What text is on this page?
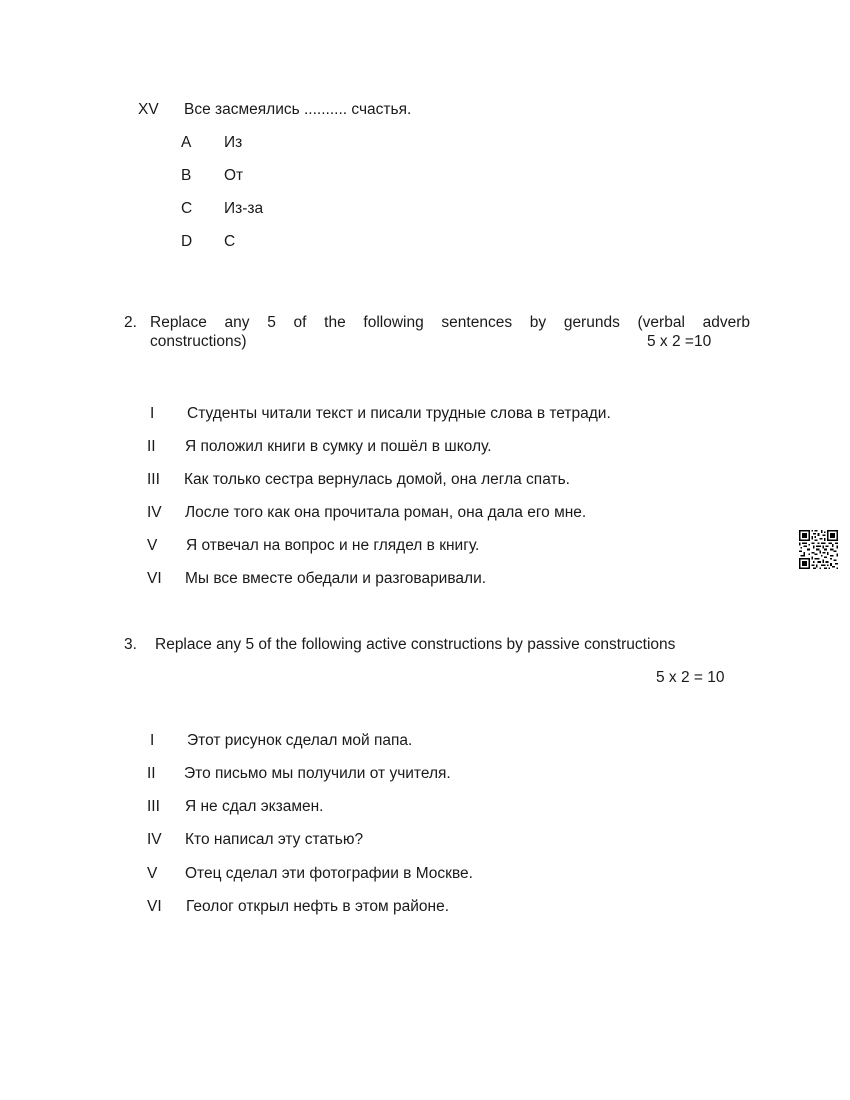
XV Все засмеялись .......... счастья.
A Из
B От
C Из-за
D С
2. Replace any 5 of the following sentences by gerunds (verbal adverb
constructions)	5 x 2 =10
I Студенты читали текст и писали трудные слова в тетради.
II Я положил книги в сумку и пошёл в школу.
III Как только сестра вернулась домой, она легла спать.
IV Лосле того как она прочитала роман, она дала его мне.
V Я отвечал на вопрос и не глядел в книгу.
VI Мы все вместе обедали и разговаривали.
3. Replace any 5 of the following active constructions by passive constructions
5 x 2 = 10
I Этот рисунок сделал мой папа.
II Это письмо мы получили от учителя.
III Я не сдал экзамен.
IV Кто написал эту статью?
V Отец сделал эти фотографии в Москве.
VI Геолог открыл нефть в этом районе.
